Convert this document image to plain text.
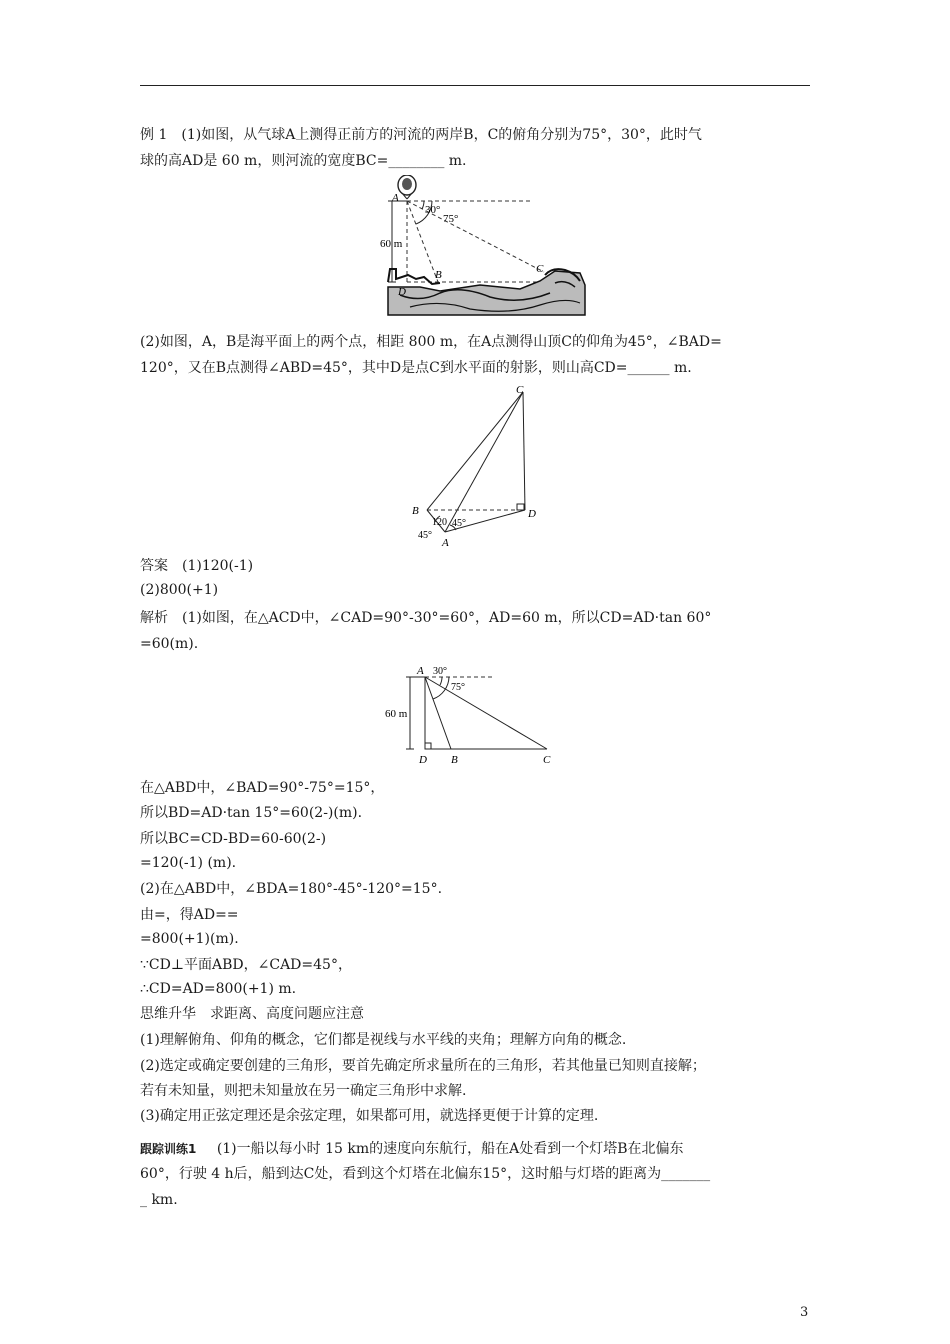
例 1　(1)如图，从气球A上测得正前方的河流的两岸B，C的俯角分别为75°，30°，此时气
球的高AD是 60 m，则河流的宽度BC=________ m.
A
30°
75°
60 m
B	C
D
(2)如图，A，B是海平面上的两个点，相距 800 m，在A点测得山顶C的仰角为45°，∠BAD=
120°，又在B点测得∠ABD=45°，其中D是点C到水平面的射影，则山高CD=______ m.
C
B	D
A
120 45°
45°
答案　(1)120(-1)
(2)800(+1)
解析　(1)如图，在△ACD中，∠CAD=90°-30°=60°，AD=60 m，所以CD=AD·tan 60°
=60(m).
A 30°
75°
60 m
D B	C
在△ABD中，∠BAD=90°-75°=15°，
所以BD=AD·tan 15°=60(2-)(m).
所以BC=CD-BD=60-60(2-)
=120(-1) (m).
(2)在△ABD中，∠BDA=180°-45°-120°=15°.
由=，得AD==
=800(+1)(m).
∵CD⊥平面ABD，∠CAD=45°，
∴CD=AD=800(+1) m.
思维升华　求距离、高度问题应注意
(1)理解俯角、仰角的概念，它们都是视线与水平线的夹角；理解方向角的概念.
(2)选定或确定要创建的三角形，要首先确定所求量所在的三角形，若其他量已知则直接解；
若有未知量，则把未知量放在另一确定三角形中求解.
(3)确定用正弦定理还是余弦定理，如果都可用，就选择更便于计算的定理.
跟踪训练1 (1)一船以每小时 15 km的速度向东航行，船在A处看到一个灯塔B在北偏东
60°，行驶 4 h后，船到达C处，看到这个灯塔在北偏东15°，这时船与灯塔的距离为_______
_ km.
3
